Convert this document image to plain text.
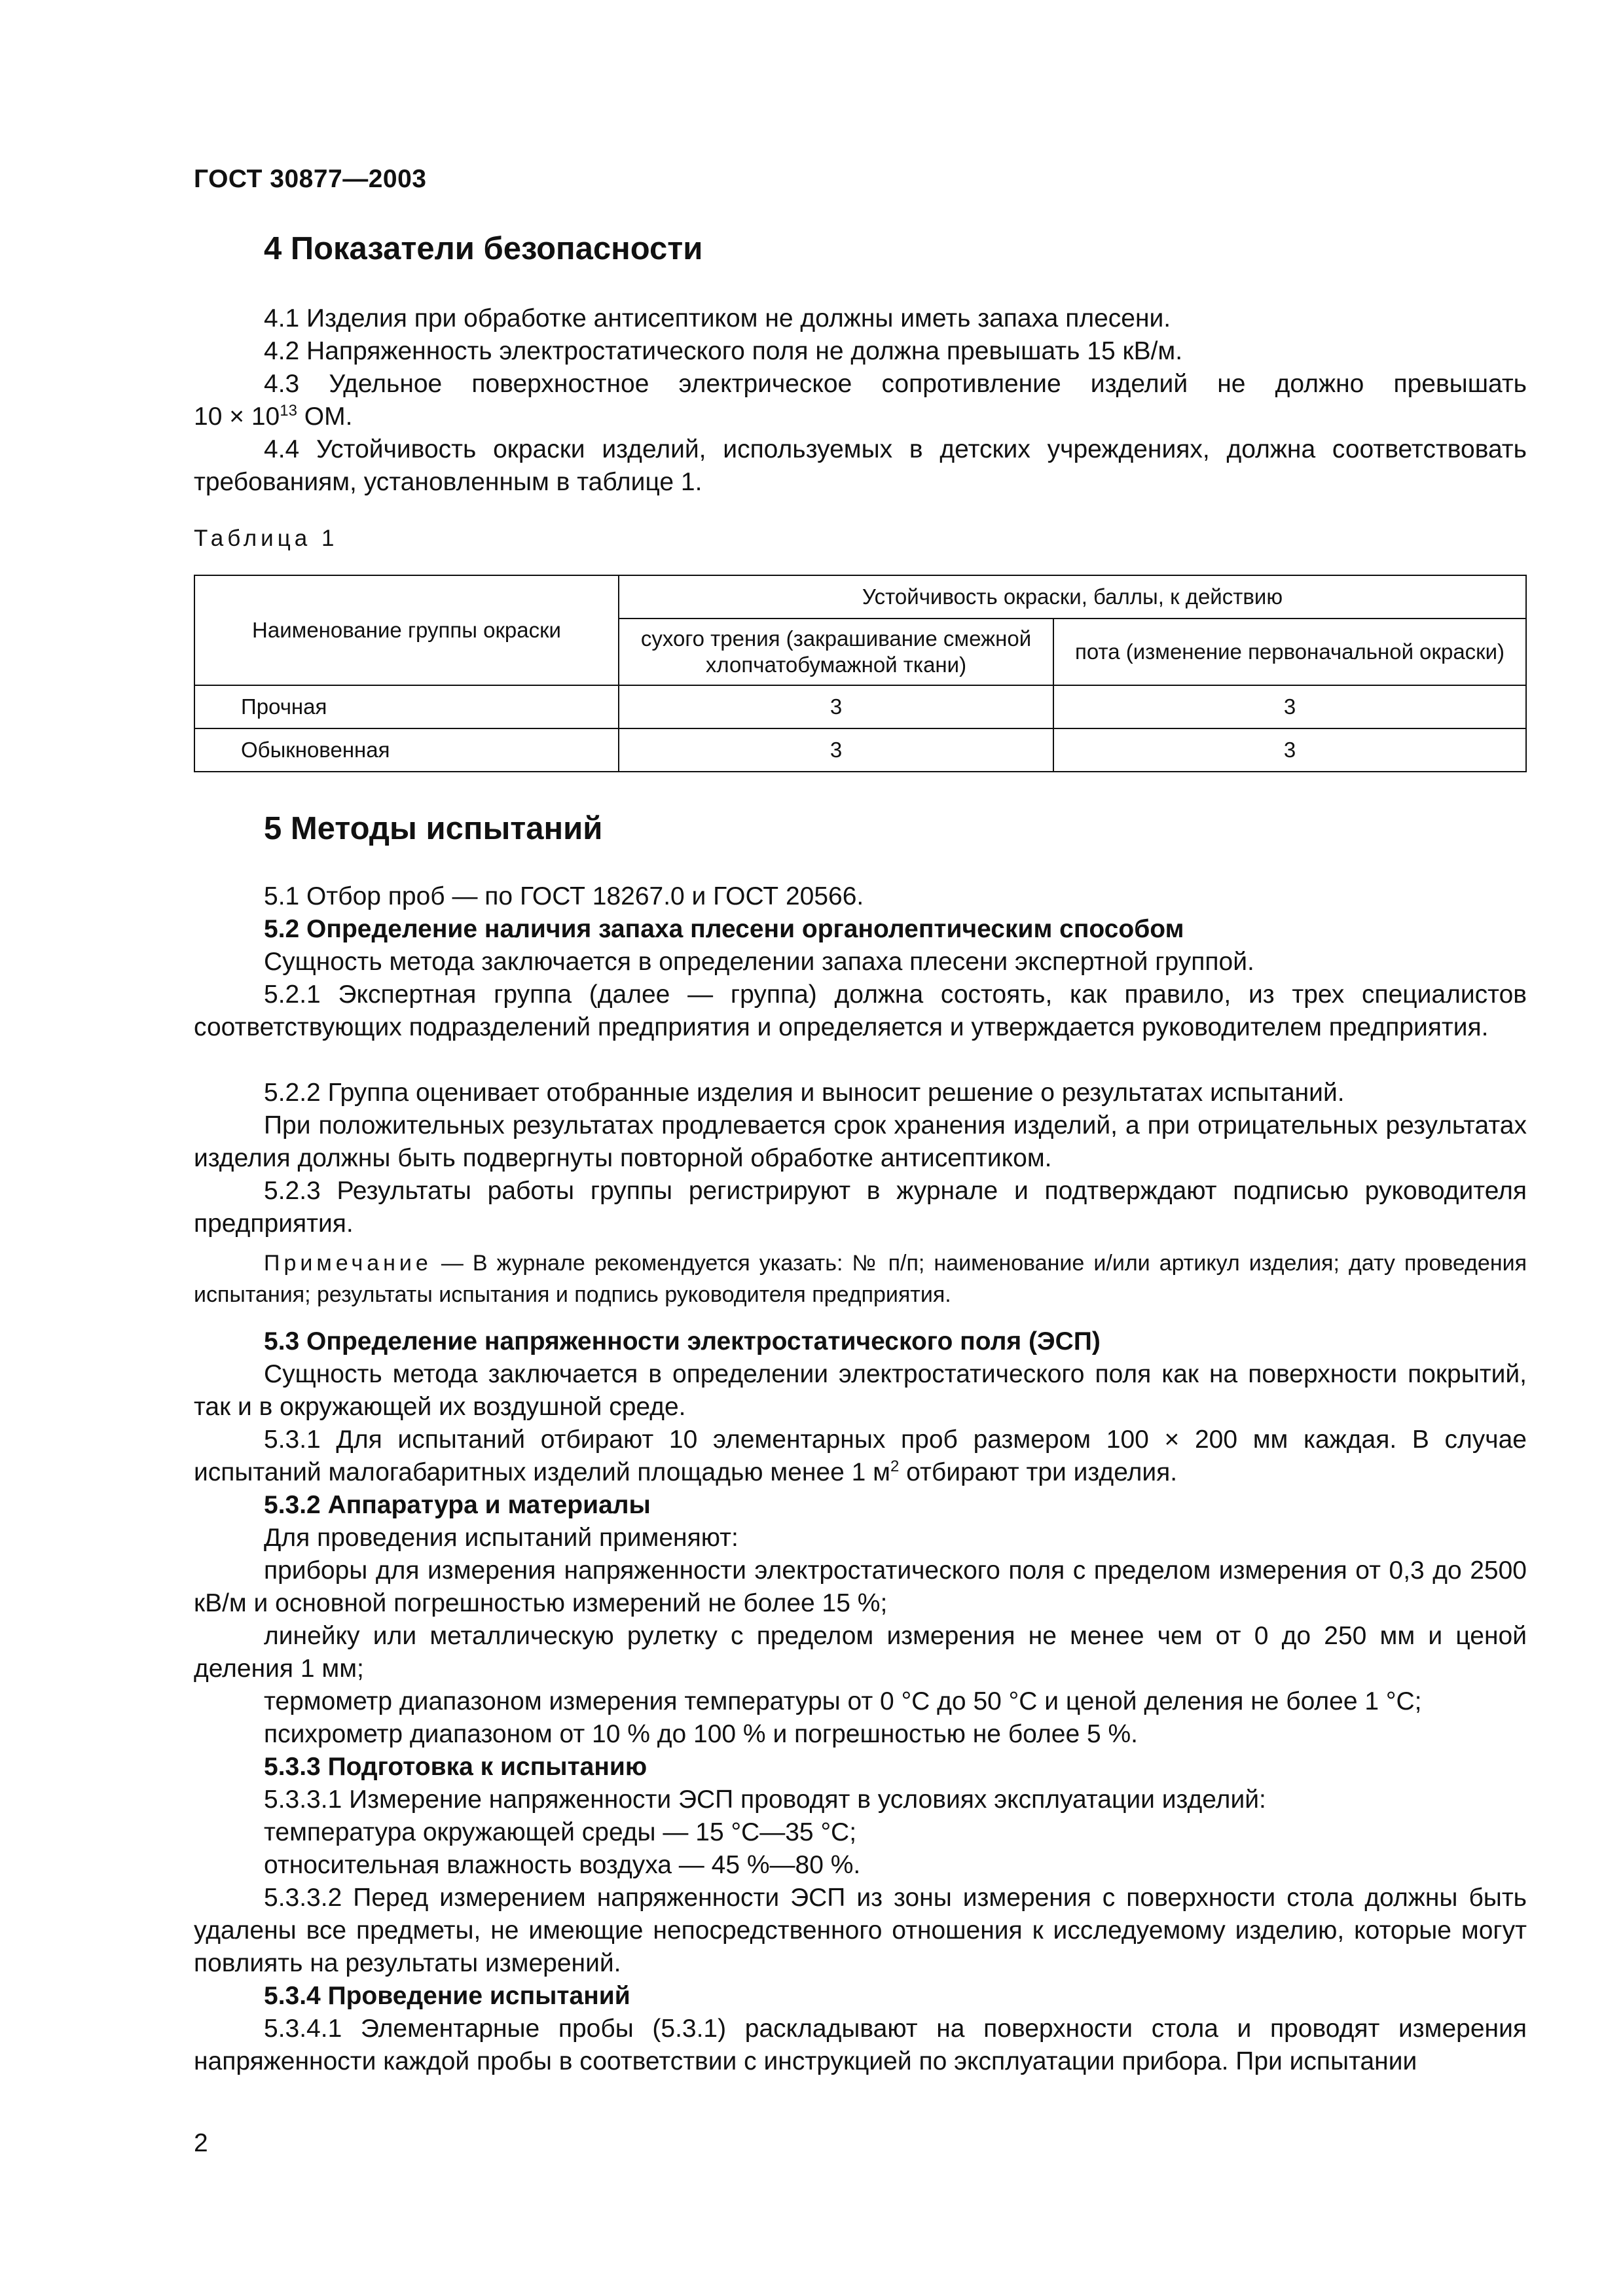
ГОСТ 30877—2003
4 Показатели безопасности
4.1 Изделия при обработке антисептиком не должны иметь запаха плесени.
4.2 Напряженность электростатического поля не должна превышать 15 кВ/м.
4.3 Удельное поверхностное электрическое сопротивление изделий не должно превышать
$10 \times 10^{13}$ ОМ.
4.4 Устойчивость окраски изделий, используемых в детских учреждениях, должна соответствовать требованиям, установленным в таблице 1.
Таблица 1
Наименование группы окраски	Устойчивость окраски, баллы, к действию	
	сухого трения (закрашивание смежной хлопчатобумажной ткани)	пота (изменение первоначальной окраски)
Прочная	3	3
Обыкновенная	3	3
5 Методы испытаний
5.1 Отбор проб — по ГОСТ 18267.0 и ГОСТ 20566.
5.2 Определение наличия запаха плесени органолептическим способом
Сущность метода заключается в определении запаха плесени экспертной группой.
5.2.1 Экспертная группа (далее — группа) должна состоять, как правило, из трех специалистов соответствующих подразделений предприятия и определяется и утверждается руководителем предприятия.
5.2.2 Группа оценивает отобранные изделия и выносит решение о результатах испытаний.
При положительных результатах продлевается срок хранения изделий, а при отрицательных результатах изделия должны быть подвергнуты повторной обработке антисептиком.
5.2.3 Результаты работы группы регистрируют в журнале и подтверждают подписью руководителя предприятия.
Примечание — В журнале рекомендуется указать: № п/п; наименование и/или артикул изделия; дату проведения испытания; результаты испытания и подпись руководителя предприятия.
5.3 Определение напряженности электростатического поля (ЭСП)
Сущность метода заключается в определении электростатического поля как на поверхности покрытий, так и в окружающей их воздушной среде.
5.3.1 Для испытаний отбирают 10 элементарных проб размером 100 × 200 мм каждая. В случае испытаний малогабаритных изделий площадью менее 1 $м^2$ отбирают три изделия.
5.3.2 Аппаратура и материалы
Для проведения испытаний применяют:
приборы для измерения напряженности электростатического поля с пределом измерения от 0,3 до 2500 кВ/м и основной погрешностью измерений не более 15 %;
линейку или металлическую рулетку с пределом измерения не менее чем от 0 до 250 мм и ценой деления 1 мм;
термометр диапазоном измерения температуры от 0 °С до 50 °С и ценой деления не более 1 °С;
психрометр диапазоном от 10 % до 100 % и погрешностью не более 5 %.
5.3.3 Подготовка к испытанию
5.3.3.1 Измерение напряженности ЭСП проводят в условиях эксплуатации изделий:
температура окружающей среды — 15 °С—35 °С;
относительная влажность воздуха — 45 %—80 %.
5.3.3.2 Перед измерением напряженности ЭСП из зоны измерения с поверхности стола должны быть удалены все предметы, не имеющие непосредственного отношения к исследуемому изделию, которые могут повлиять на результаты измерений.
5.3.4 Проведение испытаний
5.3.4.1 Элементарные пробы (5.3.1) раскладывают на поверхности стола и проводят измерения напряженности каждой пробы в соответствии с инструкцией по эксплуатации прибора. При испытании
2
